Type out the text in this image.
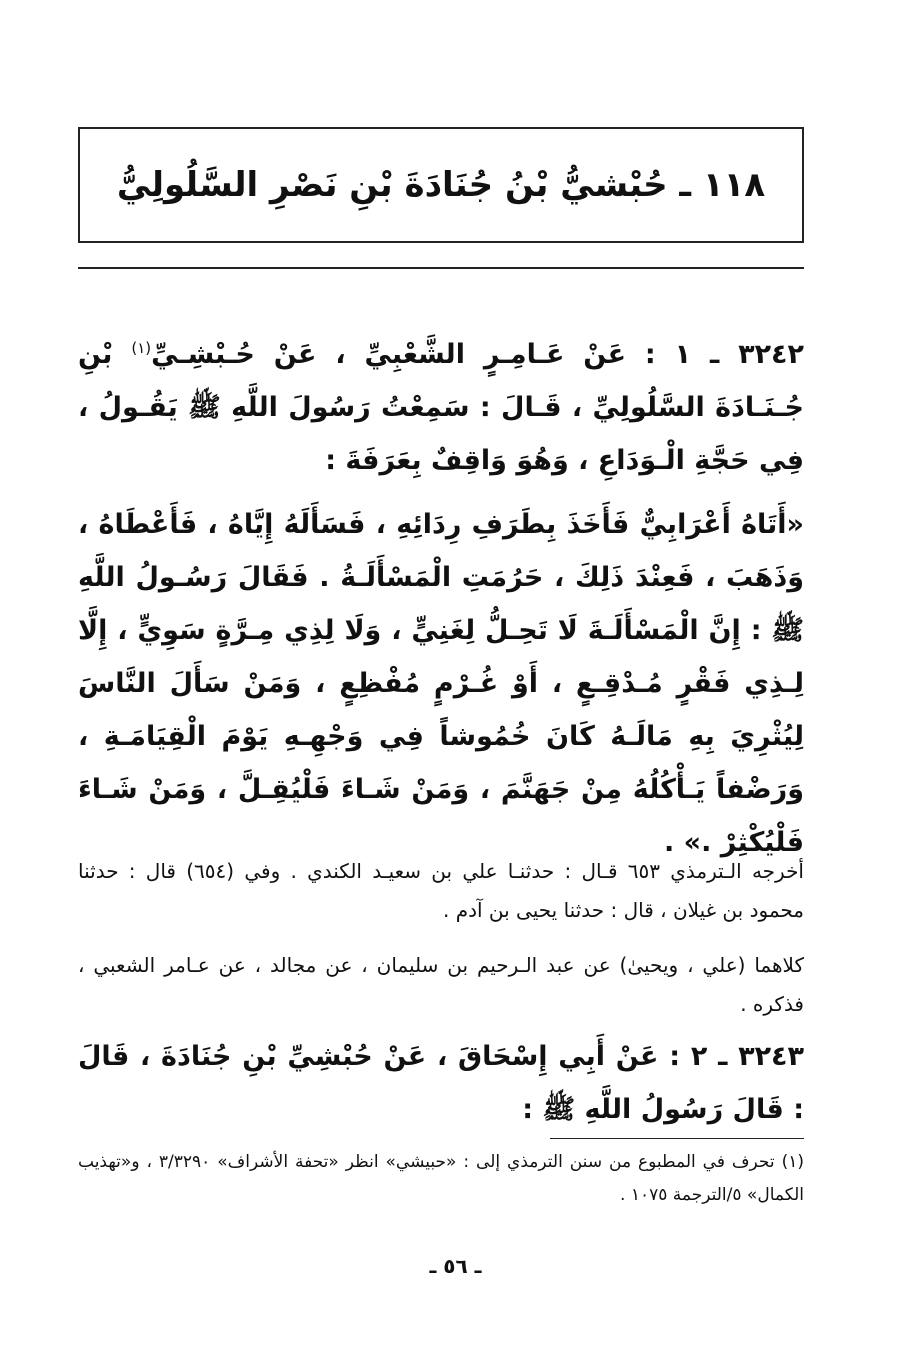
١١٨ ـ حُبْشيُّ بْنُ جُنَادَةَ بْنِ نَصْرِ السَّلُولِيُّ
٣٢٤٢ ـ ١ : عَنْ عَـامِـرٍ الشَّعْبِيِّ ، عَنْ حُـبْشِـيِّ$^{(١)}$ بْنِ جُـنَـادَةَ السَّلُولِيِّ ، قَـالَ : سَمِعْتُ رَسُولَ اللَّهِ ﷺ يَقُـولُ ، فِي حَجَّةِ الْـوَدَاعِ ، وَهُوَ وَاقِفٌ بِعَرَفَةَ :
«أَتَاهُ أَعْرَابِيٌّ فَأَخَذَ بِطَرَفِ رِدَائِهِ ، فَسَأَلَهُ إِيَّاهُ ، فَأَعْطَاهُ ، وَذَهَبَ ، فَعِنْدَ ذَلِكَ ، حَرُمَتِ الْمَسْأَلَـةُ . فَقَالَ رَسُـولُ اللَّهِ ﷺ : إِنَّ الْمَسْأَلَـةَ لَا تَحِـلُّ لِغَنِيٍّ ، وَلَا لِذِي مِـرَّةٍ سَوِيٍّ ، إِلَّا لِـذِي فَقْرٍ مُـدْقِـعٍ ، أَوْ غُـرْمٍ مُفْظِعٍ ، وَمَنْ سَأَلَ النَّاسَ لِيُثْرِيَ بِهِ مَالَـهُ كَانَ خُمُوشاً فِي وَجْهِـهِ يَوْمَ الْقِيَامَـةِ ، وَرَضْفاً يَـأْكُلُهُ مِنْ جَهَنَّمَ ، وَمَنْ شَـاءَ فَلْيُقِـلَّ ، وَمَنْ شَـاءَ فَلْيُكْثِرْ .» .
أخرجه الـترمذي ٦٥٣ قـال : حدثنـا علي بن سعيـد الكندي . وفي (٦٥٤) قال : حدثنا محمود بن غيلان ، قال : حدثنا يحيى بن آدم .
كلاهما (علي ، ويحيىٰ) عن عبد الـرحيم بن سليمان ، عن مجالد ، عن عـامر الشعبي ، فذكره .
٣٢٤٣ ـ ٢ : عَنْ أَبِي إِسْحَاقَ ، عَنْ حُبْشِيِّ بْنِ جُنَادَةَ ، قَالَ : قَالَ رَسُولُ اللَّهِ ﷺ :
(١) تحرف في المطبوع من سنن الترمذي إلى : «حبيشي» انظر «تحفة الأشراف» ٣/٣٢٩٠ ، و«تهذيب الكمال» ٥/الترجمة ١٠٧٥ .
ـ ٥٦ ـ
